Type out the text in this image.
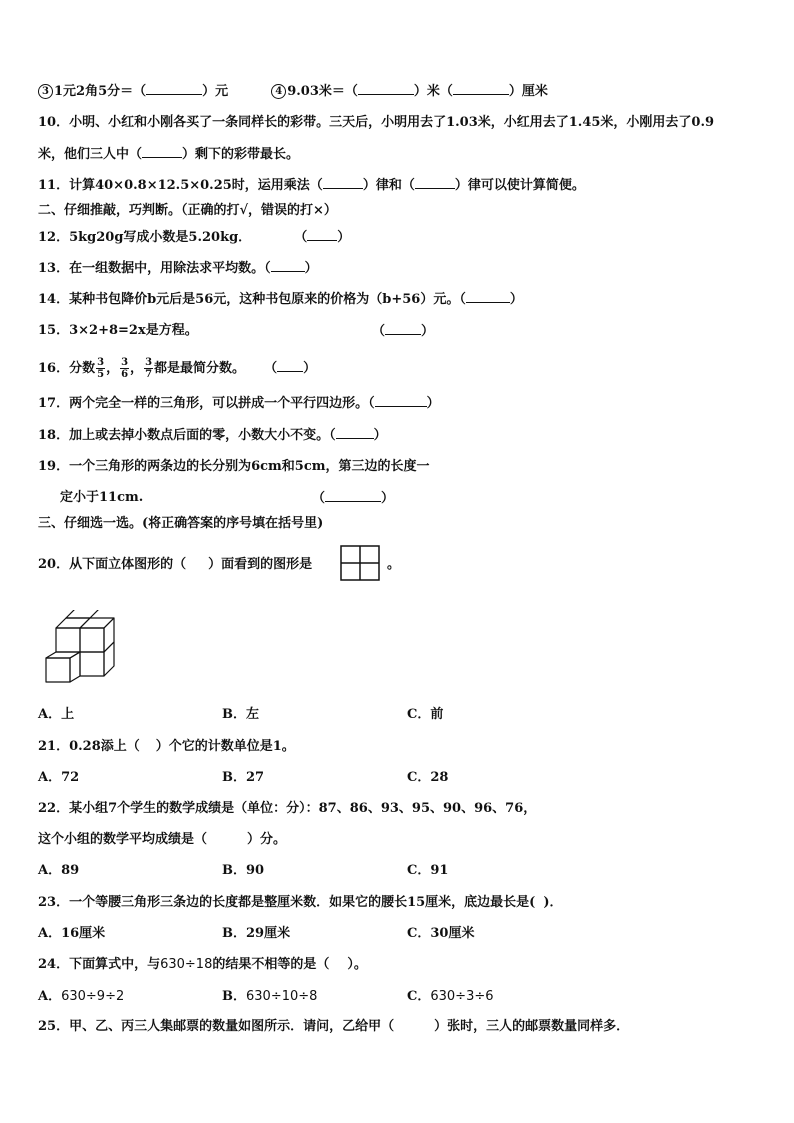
3 1元2角5分＝（	）元	4 9.03米＝（	）米（	）厘米
10．小明、小红和小刚各买了一条同样长的彩带。三天后，小明用去了1.03米，小红用去了1.45米，小刚用去了0.9
米，他们三人中（	）剩下的彩带最长。
11．计算40×0.8×12.5×0.25时，运用乘法（	）律和（	）律可以使计算简便。
二、仔细推敲，巧判断。（正确的打√，错误的打×）
12．5kg20g写成小数是5.20kg．	（ ）
13．在一组数据中，用除法求平均数。（	）
14．某种书包降价b元后是56元，这种书包原来的价格为（b+56）元。（	）
15．3×2+8=2x是方程。	（	）
16．分数 $\frac{3}{5}$ ， $\frac{3}{6}$ ， $\frac{3}{7}$ 都是最简分数。 （ ）
17．两个完全一样的三角形，可以拼成一个平行四边形。（	）
18．加上或去掉小数点后面的零，小数大小不变。（	）
19．一个三角形的两条边的长分别为6cm和5cm，第三边的长度一
定小于11cm.	（	）
三、仔细选一选。(将正确答案的序号填在括号里)
20．从下面立体图形的（ ）面看到的图形是	。
A．上	B．左	C．前
21．0.28添上（ ）个它的计数单位是1。
A．72	B．27	C．28
22．某小组7个学生的数学成绩是（单位：分）：87、86、93、95、90、96、76，
这个小组的数学平均成绩是（	）分。
A．89	B．90	C．91
23．一个等腰三角形三条边的长度都是整厘米数．如果它的腰长15厘米，底边最长是( )．
A．16厘米	B．29厘米	C．30厘米
24．下面算式中，与630÷18的结果不相等的是（ ）。
A．630÷9÷2	B．630÷10÷8	C．630÷3÷6
25．甲、乙、丙三人集邮票的数量如图所示．请问，乙给甲（	）张时，三人的邮票数量同样多．
